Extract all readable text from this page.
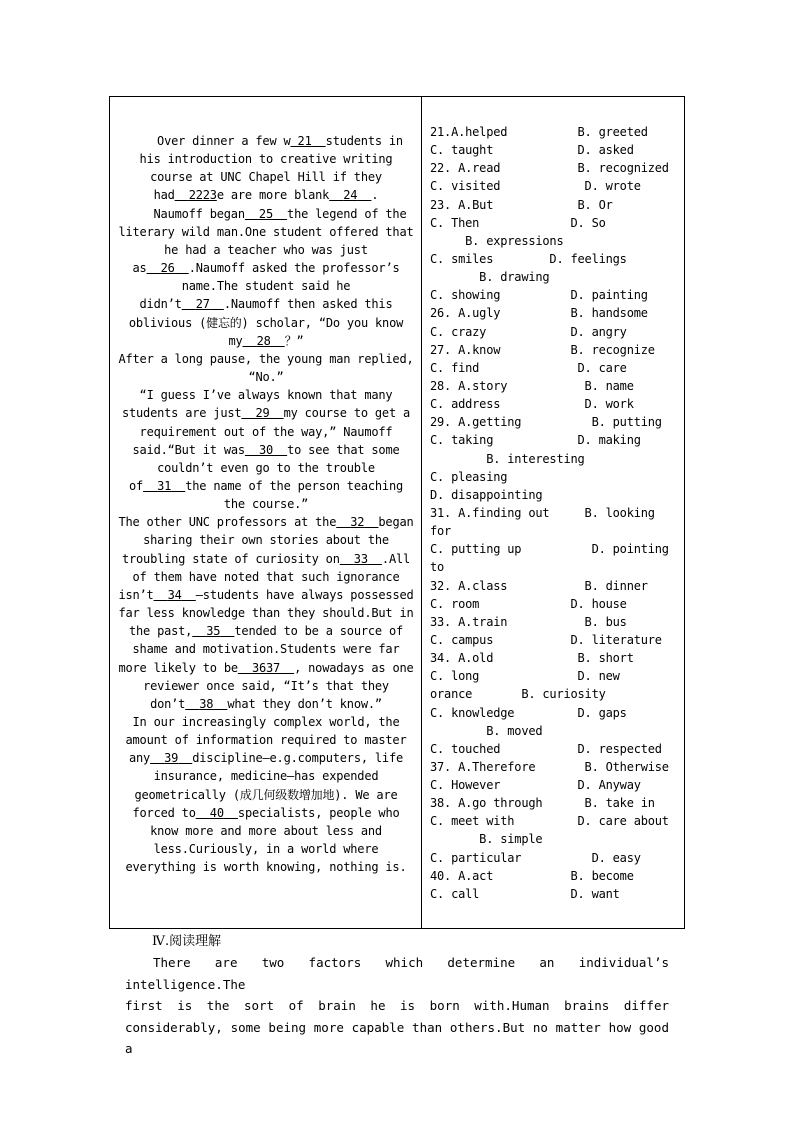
Over dinner a few w 21 students in his introduction to creative writing course at UNC Chapel Hill if they had 2223e are more blank 24 .

Naumoff began 25 the legend of the literary wild man.One student offered that he had a teacher who was just as 26 .Naumoff asked the professor’s name.The student said he didn’t 27 .Naumoff then asked this oblivious (健忘的) scholar, “Do you know my 28 ？”

After a long pause, the young man replied, “No.”

“I guess I’ve always known that many students are just 29 my course to get a requirement out of the way,” Naumoff said.“But it was 30 to see that some couldn’t even go to the trouble of 31 the name of the person teaching the course.”

The other UNC professors at the 32 began sharing their own stories about the troubling state of curiosity on 33 .All of them have noted that such ignorance isn’t 34 —students have always possessed far less knowledge than they should.But in the past, 35 tended to be a source of shame and motivation.Students were far more likely to be 3637 , nowadays as one reviewer once said, “It’s that they don’t 38 what they don’t know.”

In our increasingly complex world, the amount of information required to master any 39 discipline—e.g.computers, life insurance, medicine—has expended geometrically (成几何级数增加地). We are forced to 40 specialists, people who know more and more about less and less.Curiously, in a world where everything is worth knowing, nothing is.

21.A.helped          B. greeted
C. taught            D. asked
22. A.read           B. recognized
C. visited            D. wrote
23. A.But            B. Or
C. Then             D. So
B. expressions
C. smiles        D. feelings
B. drawing
C. showing          D. painting
26. A.ugly          B. handsome
C. crazy            D. angry
27. A.know          B. recognize
C. find              D. care
28. A.story           B. name
C. address            D. work
29. A.getting          B. putting
C. taking            D. making
B. interesting
C. pleasing
D. disappointing
31. A.finding out     B. looking
for
C. putting up          D. pointing
to
32. A.class           B. dinner
C. room             D. house
33. A.train           B. bus
C. campus           D. literature
34. A.old            B. short
C. long              D. new
orance       B. curiosity
C. knowledge         D. gaps
B. moved
C. touched           D. respected
37. A.Therefore       B. Otherwise
C. However           D. Anyway
38. A.go through      B. take in
C. meet with         D. care about
B. simple
C. particular          D. easy
40. A.act           B. become
C. call             D. want
Ⅳ.阅读理解
There are two factors which determine an individual’s intelligence.The
first is the sort of brain he is born with.Human brains differ
considerably, some being more capable than others.But no matter how good a
